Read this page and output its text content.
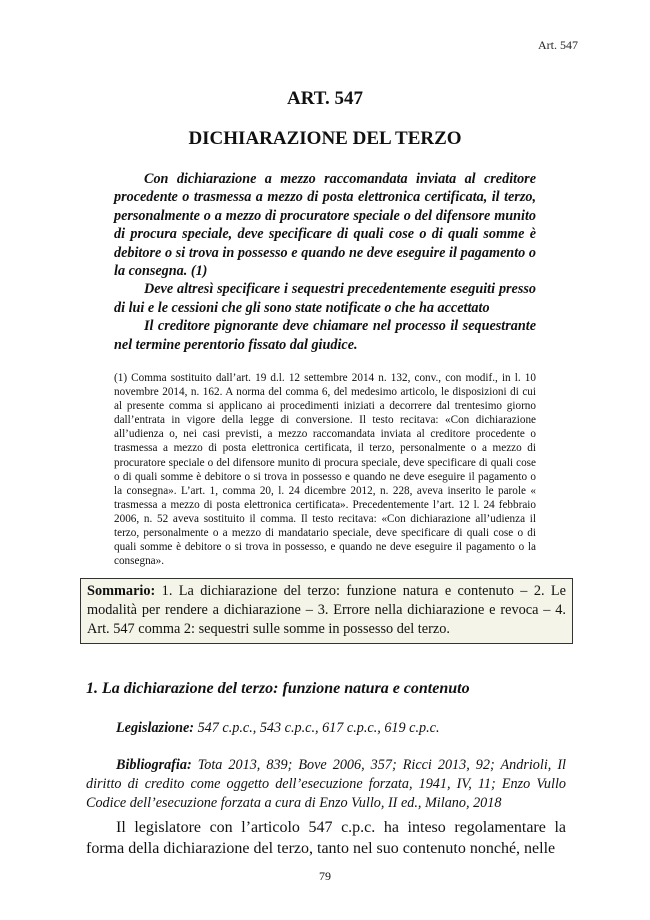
Art. 547
ART. 547
DICHIARAZIONE DEL TERZO

Con dichiarazione a mezzo raccomandata inviata al creditore procedente o trasmessa a mezzo di posta elettronica certificata, il terzo, personalmente o a mezzo di procuratore speciale o del difensore munito di procura speciale, deve specificare di quali cose o di quali somme è debitore o si trova in possesso e quando ne deve eseguire il pagamento o la consegna. (1)

Deve altresì specificare i sequestri precedentemente eseguiti presso di lui e le cessioni che gli sono state notificate o che ha accettato

Il creditore pignorante deve chiamare nel processo il sequestrante nel termine perentorio fissato dal giudice.

(1) Comma sostituito dall’art. 19 d.l. 12 settembre 2014 n. 132, conv., con modif., in l. 10 novembre 2014, n. 162. A norma del comma 6, del medesimo articolo, le disposizioni di cui al presente comma si applicano ai procedimenti iniziati a decorrere dal trentesimo giorno dall’entrata in vigore della legge di conversione. Il testo recitava: «Con dichiarazione all’udienza o, nei casi previsti, a mezzo raccomandata inviata al creditore procedente o trasmessa a mezzo di posta elettronica certificata, il terzo, personalmente o a mezzo di procuratore speciale o del difensore munito di procura speciale, deve specificare di quali cose o di quali somme è debitore o si trova in possesso e quando ne deve eseguire il pagamento o la consegna». L’art. 1, comma 20, l. 24 dicembre 2012, n. 228, aveva inserito le parole « trasmessa a mezzo di posta elettronica certificata». Precedentemente l’art. 12 l. 24 febbraio 2006, n. 52 aveva sostituito il comma. Il testo recitava: «Con dichiarazione all’udienza il terzo, personalmente o a mezzo di mandatario speciale, deve specificare di quali cose o di quali somme è debitore o si trova in possesso, e quando ne deve eseguire il pagamento o la consegna».

Sommario: 1. La dichiarazione del terzo: funzione natura e contenuto – 2. Le modalità per rendere a dichiarazione – 3. Errore nella dichiarazione e revoca – 4. Art. 547 comma 2: sequestri sulle somme in possesso del terzo.
1. La dichiarazione del terzo: funzione natura e contenuto
Legislazione: 547 c.p.c., 543 c.p.c., 617 c.p.c., 619 c.p.c.
Bibliografia: Tota 2013, 839; Bove 2006, 357; Ricci 2013, 92; Andrioli, Il diritto di credito come oggetto dell’esecuzione forzata, 1941, IV, 11; Enzo Vullo Codice dell’esecuzione forzata a cura di Enzo Vullo, II ed., Milano, 2018
Il legislatore con l’articolo 547 c.p.c. ha inteso regolamentare la forma della dichiarazione del terzo, tanto nel suo contenuto nonché, nelle
79
